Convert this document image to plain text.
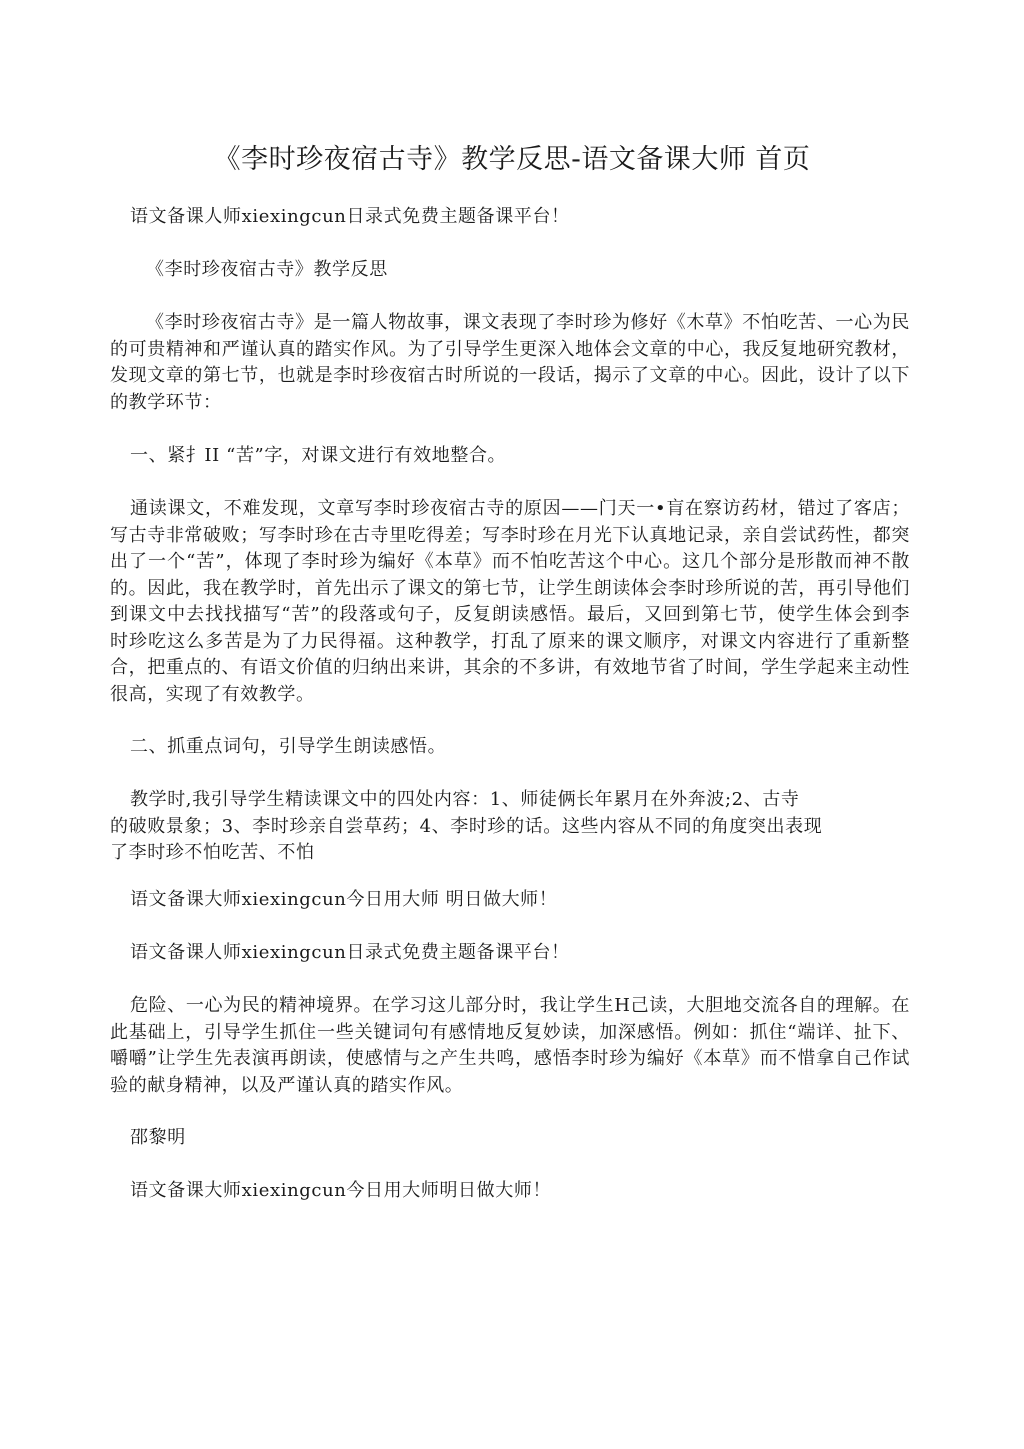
《李时珍夜宿古寺》教学反思-语文备课大师 首页

语文备课人师xiexingcun日录式免费主题备课平台！

《李时珍夜宿古寺》教学反思

《李时珍夜宿古寺》是一篇人物故事，课文表现了李时珍为修好《木草》不怕吃苦、一心为民的可贵精神和严谨认真的踏实作风。为了引导学生更深入地体会文章的中心，我反复地研究教材，发现文章的第七节，也就是李时珍夜宿古时所说的一段话，揭示了文章的中心。因此，设计了以下的教学环节：

一、紧扌II “苦”字，对课文进行有效地整合。

通读课文，不难发现，文章写李时珍夜宿古寺的原因——门天一•肓在察访药材，错过了客店；写古寺非常破败；写李时珍在古寺里吃得差；写李时珍在月光下认真地记录，亲自尝试药性，都突出了一个“苦”，体现了李时珍为编好《本草》而不怕吃苦这个中心。这几个部分是形散而神不散的。因此，我在教学时，首先出示了课文的第七节，让学生朗读体会李时珍所说的苦，再引导他们到课文中去找找描写“苦”的段落或句子，反复朗读感悟。最后，又回到第七节，使学生体会到李时珍吃这么多苦是为了力民得福。这种教学，打乱了原来的课文顺序，对课文内容进行了重新整合，把重点的、有语文价值的归纳出来讲，其余的不多讲，有效地节省了时间，学生学起来主动性很高，实现了有效教学。

二、抓重点词句，引导学生朗读感悟。

教学时,我引导学生精读课文中的四处内容：1、师徒俩长年累月在外奔波;2、古寺
的破败景象；3、李时珍亲自尝草药；4、李时珍的话。这些内容从不同的角度突出表现
了李时珍不怕吃苦、不怕

语文备课大师xiexingcun今日用大师 明日做大师！

语文备课人师xiexingcun日录式免费主题备课平台！

危险、一心为民的精神境界。在学习这儿部分时，我让学生H己读，大胆地交流各自的理解。在此基础上，引导学生抓住一些关键词句有感情地反复妙读，加深感悟。例如：抓住“端详、扯下、嚼嚼”让学生先表演再朗读，使感情与之产生共鸣，感悟李时珍为编好《本草》而不惜拿自己作试验的献身精神，以及严谨认真的踏实作风。

邵黎明

语文备课大师xiexingcun今日用大师明日做大师！
